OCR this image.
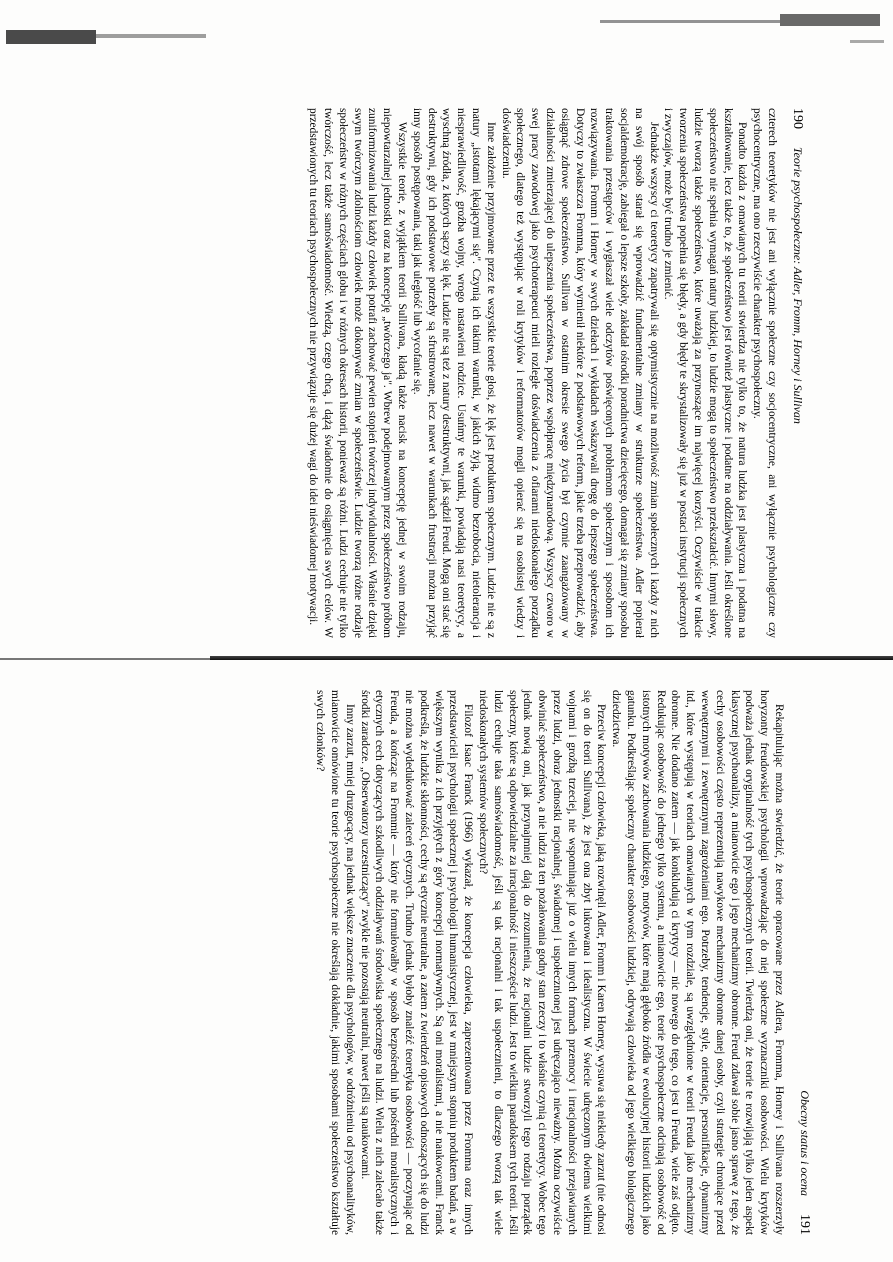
190
Teorie psychospołeczne: Adler, Fromm, Horney i Sullivan

czterech teoretyków nie jest ani wyłącznie społeczne czy socjocentryczne, ani wyłącznie psychologiczne czy psychocentryczne, ma ono rzeczywiście charakter psychospołeczny.

Ponadto każda z omawianych tu teorii stwierdza nie tylko to, że natura ludzka jest plastyczna i podatna na kształtowanie, lecz także to, że społeczeństwo jest również plastyczne i podatne na oddziaływania. Jeśli określone społeczeństwo nie spełnia wymagań natury ludzkiej, to ludzie mogą to społeczeństwo przekształcić. Innymi słowy, ludzie tworzą także społeczeństwo, które uważają za przynoszące im najwięcej korzyści. Oczywiście w trakcie tworzenia społeczeństwa popełnia się błędy, a gdy błędy te skrystalizowały się już w postaci instytucji społecznych i zwyczajów, może być trudno je zmienić.

Jednakże wszyscy ci teoretycy zapatrywali się optymistycznie na możliwość zmian społecznych i każdy z nich na swój sposób starał się wprowadzić fundamentalne zmiany w strukturze społeczeństwa. Adler popierał socjaldemokrację, zabiegał o lepsze szkoły, zakładał ośrodki poradnictwa dziecięcego, domagał się zmiany sposobu traktowania przestępców i wygłaszał wiele odczytów poświęconych problemom społecznym i sposobom ich rozwiązywania. Fromm i Horney w swych dziełach i wykładach wskazywali drogę do lepszego społeczeństwa. Dotyczy to zwłaszcza Fromma, który wymienił niektóre z podstawowych reform, jakie trzeba przeprowadzić, aby osiągnąć zdrowe społeczeństwo. Sullivan w ostatnim okresie swego życia był czynnie zaangażowany w działalności zmierzającej do ulepszenia społeczeństwa, poprzez współpracę międzynarodową. Wszyscy czworo w swej pracy zawodowej jako psychoterapeuci mieli rozległe doświadczenia z ofiarami niedoskonałego porządku społecznego, dlatego też występując w roli krytyków i reformatorów mogli opierać się na osobistej wiedzy i doświadczeniu.

Inne założenie przyjmowane przez te wszystkie teorie głosi, że lęk jest produktem społecznym. Ludzie nie są z natury „istotami lękającymi się". Czynią ich takimi warunki, w jakich żyją, widmo bezrobocia, nietolerancja i niesprawiedliwość, groźba wojny, wrogo nastawieni rodzice. Usuńmy te warunki, powiadają nasi teoretycy, a wyschną źródła, z których sączy się lęk. Ludzie nie są też z natury destruktywni, jak sądził Freud. Mogą oni stać się destruktywni, gdy ich podstawowe potrzeby są sfrustrowane, lecz nawet w warunkach frustracji można przyjąć inny sposób postępowania, taki jak uległość lub wycofanie się.

Wszystkie teorie, z wyjątkiem teorii Sullivana, kładą także nacisk na koncepcję jednej w swoim rodzaju, niepowtarzalnej jednostki oraz na koncepcję „twórczego ja". Wbrew podejmowanym przez społeczeństwo próbom zuniformizowania ludzi każdy człowiek potrafi zachować pewien stopień twórczej indywidualności. Właśnie dzięki swym twórczym zdolnościom człowiek może dokonywać zmian w społeczeństwie. Ludzie tworzą różne rodzaje społeczeństw w różnych częściach globu i w różnych okresach historii, ponieważ są różni. Ludzi cechuje nie tylko twórczość, lecz także samoświadomość. Wiedzą, czego chcą, i dążą świadomie do osiągnięcia swych celów. W przedstawionych tu teoriach psychospołecznych nie przywiązuje się dużej wagi do idei nieświadomej motywacji.

Obecny status i ocena
191

Rekapitulując można stwierdzić, że teorie opracowane przez Adlera, Fromma, Horney i Sullivana rozszerzyły horyzonty freudowskiej psychologii wprowadzając do niej społeczne wyznaczniki osobowości. Wielu krytyków podważa jednak oryginalność tych psychospołecznych teorii. Twierdzą oni, że teorie te rozwijają tylko jeden aspekt klasycznej psychoanalizy, a mianowicie ego i jego mechanizmy obronne. Freud zdawał sobie jasno sprawę z tego, że cechy osobowości często reprezentują nawykowe mechanizmy obronne danej osoby, czyli strategie chroniące przed wewnętrznymi i zewnętrznymi zagrożeniami ego. Potrzeby, tendencje, style, orientacje, personifikacje, dynamizmy itd., które występują w teoriach omawianych w tym rozdziale, są uwzględnione w teorii Freuda jako mechanizmy obronne. Nie dodano zatem — jak konkludują ci krytycy — nic nowego do tego, co jest u Freuda, wiele zaś odjęto. Redukując osobowość do jednego tylko systemu, a mianowicie ego, teorie psychospołeczne odcinają osobowość od istotnych motywów zachowania ludzkiego, motywów, które mają głęboko źródła w ewolucyjnej historii ludzkich jako gatunku. Podkreślając społeczny charakter osobowości ludzkiej, odrywają człowieka od jego wielkiego biologicznego dziedzictwa.

Przeciw koncepcji człowieka, jaką rozwinęli Adler, Fromm i Karen Horney, wysuwa się niekiedy zarzut (nie odnosi się on do teorii Sullivana), że jest ona zbyt lukrowana i idealistyczna. W świecie udręczonym dwiema wielkimi wojnami i groźbą trzeciej, nie wspominając już o wielu innych formach przemocy i irracjonalności przejawianych przez ludzi, obraz jednostki racjonalnej, świadomej i uspołecznionej jest udręczająco nieważny. Można oczywiście obwiniać społeczeństwo, a nie ludzi za ten pożałowania godny stan rzeczy i to właśnie czynią ci teoretycy. Wobec tego jednak nowią oni, jak przynajmniej dają do zrozumienia, że racjonalni ludzie stworzyli tego rodzaju porządek społeczny, które są odpowiedzialne za irracjonalność i nieszczęście ludzi. Jest to wielkim paradoksem tych teorii. Jeśli ludzi cechuje taka samoświadomość, jeśli są tak racjonalni i tak uspołecznieni, to dlaczego tworzą tak wiele niedoskonałych systemów społecznych?

Filozof Isaac Franck (1966) wykazał, że koncepcja człowieka, zaprezentowana przez Fromma oraz innych przedstawicieli psychologii społecznej i psychologii humanistycznej, jest w mniejszym stopniu produktem badań, a w większym wynika z ich przyjętych z góry koncepcji normatywnych. Są oni moralistami, a nie naukowcami. Franck podkreśla, że ludzkie skłonności, cechy są etycznie neutralne, a zatem z twierdzeń opisowych odnoszących się do ludzi nie można wydedukować zaleceń etycznych. Trudno jednak byłoby znaleźć teoretyka osobowości — poczynając od Freuda, a kończąc na Frommie — który nie formułowałby w sposób bezpośredni lub pośredni moralistycznych i etycznych cech dotyczących szkodliwych oddziaływań środowiska społecznego na ludzi. Wielu z nich zalecało także środki zaradcze. „Obserwatorzy uczestniczący" zwykle nie pozostają neutralni, nawet jeśli są naukowcami.

Inny zarzut, mniej druzgocący, ma jednak większe znaczenie dla psychologów, w odróżnieniu od psychoanalityków, mianowicie omówione tu teorie psychospołeczne nie określają dokładnie, jakimi sposobami społeczeństwo kształtuje swych członków?
